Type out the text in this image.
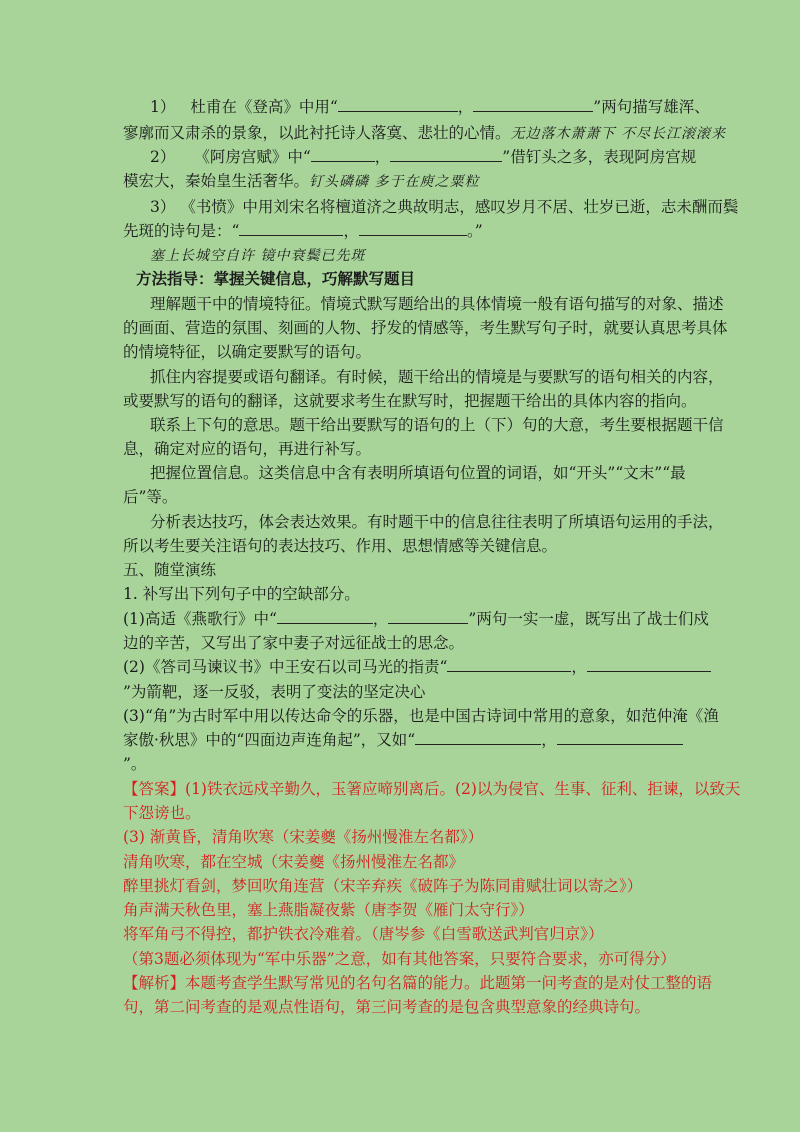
1） 杜甫在《登高》中用“	，	”两句描写雄浑、
寥廓而又肃杀的景象，以此衬托诗人落寞、悲壮的心情。无边落木萧萧下 不尽长江滚滚来
2） 《阿房宫赋》中“	，	”借钉头之多，表现阿房宫规
模宏大，秦始皇生活奢华。钉头磷磷 多于在庾之粟粒
3） 《书愤》中用刘宋名将檀道济之典故明志，感叹岁月不居、壮岁已逝，志未酬而鬓
先斑的诗句是：“	，	。”
塞上长城空自许 镜中衰鬓已先斑
方法指导：掌握关键信息，巧解默写题目
理解题干中的情境特征。情境式默写题给出的具体情境一般有语句描写的对象、描述
的画面、营造的氛围、刻画的人物、抒发的情感等，考生默写句子时，就要认真思考具体
的情境特征，以确定要默写的语句。
抓住内容提要或语句翻译。有时候，题干给出的情境是与要默写的语句相关的内容，
或要默写的语句的翻译，这就要求考生在默写时，把握题干给出的具体内容的指向。
联系上下句的意思。题干给出要默写的语句的上（下）句的大意，考生要根据题干信
息，确定对应的语句，再进行补写。
把握位置信息。这类信息中含有表明所填语句位置的词语，如“开头”“文末”“最
后”等。
分析表达技巧，体会表达效果。有时题干中的信息往往表明了所填语句运用的手法，
所以考生要关注语句的表达技巧、作用、思想情感等关键信息。
五、随堂演练
1. 补写出下列句子中的空缺部分。
(1)高适《燕歌行》中“	，	”两句一实一虚，既写出了战士们戍
边的辛苦，又写出了家中妻子对远征战士的思念。
(2)《答司马谏议书》中王安石以司马光的指责“	，
”为箭靶，逐一反驳，表明了变法的坚定决心
(3)“角”为古时军中用以传达命令的乐器，也是中国古诗词中常用的意象，如范仲淹《渔
家傲·秋思》中的“四面边声连角起”，又如“	，
”。
【答案】(1)铁衣远戍辛勤久，玉箸应啼别离后。(2)以为侵官、生事、征利、拒谏，以致天
下怨谤也。
(3) 渐黄昏，清角吹寒（宋姜夔《扬州慢淮左名都》）
清角吹寒，都在空城（宋姜夔《扬州慢淮左名都》
醉里挑灯看剑，梦回吹角连营（宋辛弃疾《破阵子为陈同甫赋壮词以寄之》）
角声满天秋色里，塞上燕脂凝夜紫（唐李贺《雁门太守行》）
将军角弓不得控，都护铁衣冷难着。（唐岑参《白雪歌送武判官归京》）
（第3题必须体现为“军中乐器”之意，如有其他答案，只要符合要求，亦可得分）
【解析】本题考查学生默写常见的名句名篇的能力。此题第一问考查的是对仗工整的语
句，第二问考查的是观点性语句，第三问考查的是包含典型意象的经典诗句。
